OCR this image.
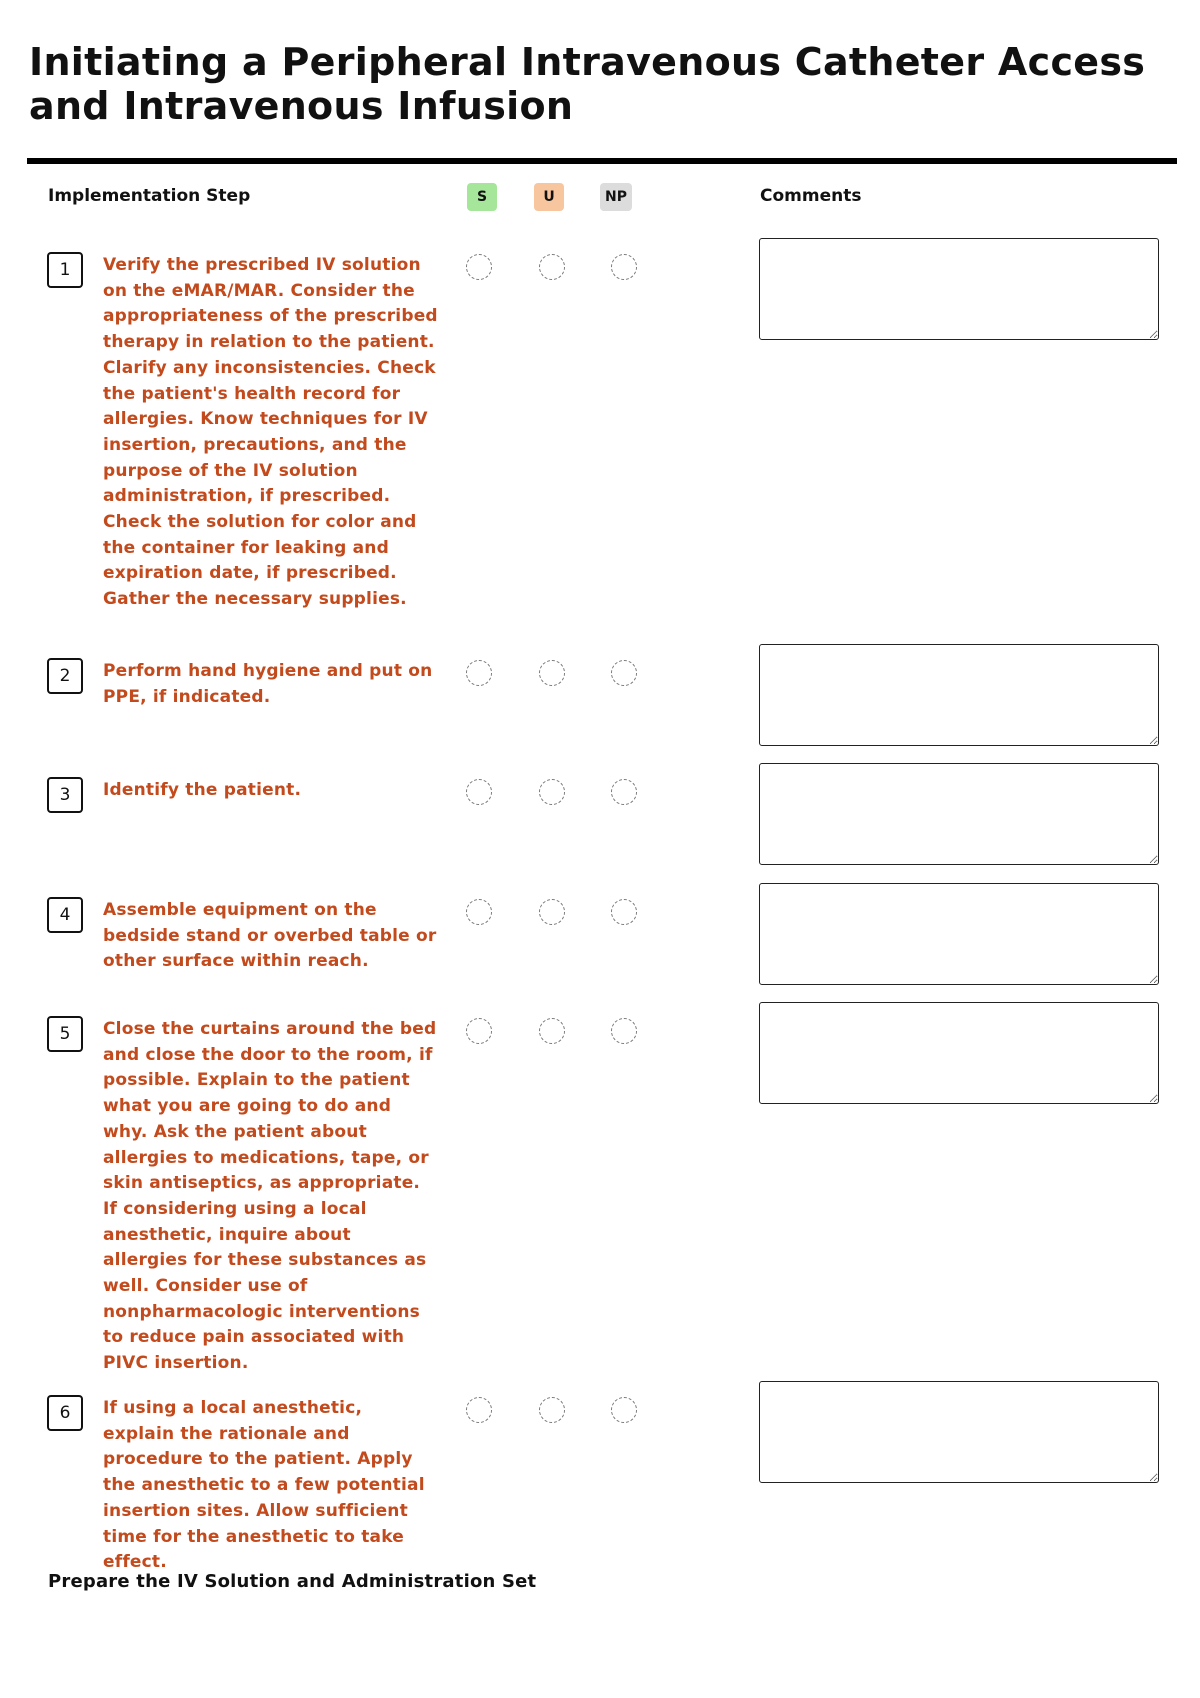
Initiating a Peripheral Intravenous Catheter Access and Intravenous Infusion
Implementation Step	S	U	NP	Comments
1	Verify the prescribed IV solution on the eMAR/MAR. Consider the appropriateness of the prescribed therapy in relation to the patient. Clarify any inconsistencies. Check the patient's health record for allergies. Know techniques for IV insertion, precautions, and the purpose of the IV solution administration, if prescribed. Check the solution for color and the container for leaking and expiration date, if prescribed. Gather the necessary supplies.
2	Perform hand hygiene and put on PPE, if indicated.
3	Identify the patient.
4	Assemble equipment on the bedside stand or overbed table or other surface within reach.
5	Close the curtains around the bed and close the door to the room, if possible. Explain to the patient what you are going to do and why. Ask the patient about allergies to medications, tape, or skin antiseptics, as appropriate. If considering using a local anesthetic, inquire about allergies for these substances as well. Consider use of nonpharmacologic interventions to reduce pain associated with PIVC insertion.
6	If using a local anesthetic, explain the rationale and procedure to the patient. Apply the anesthetic to a few potential insertion sites. Allow sufficient time for the anesthetic to take effect.
Prepare the IV Solution and Administration Set
